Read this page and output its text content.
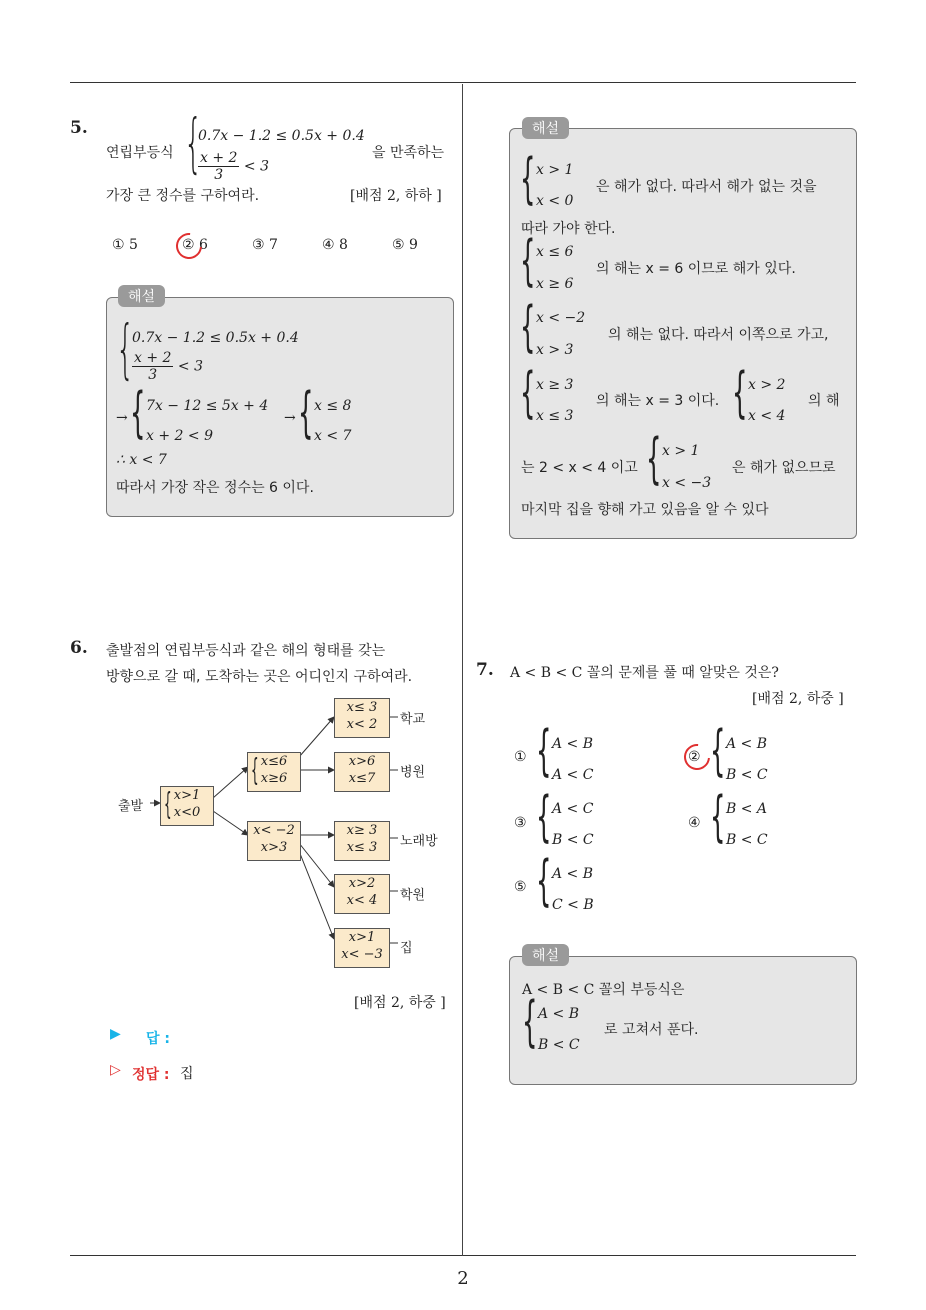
5.
연립부등식 {
0.7x − 1.2 ≤ 0.5x + 0.4
$\frac{x + 2}{3} < 3$
을 만족하는
가장 큰 정수를 구하여라.	[배점 2, 하하 ]
① 5	② 6	③ 7	④ 8	⑤ 9
해설
{
0.7x − 1.2 ≤ 0.5x + 0.4
$\frac{x + 2}{3} < 3$
→ { 7x − 12 ≤ 5x + 4
x + 2 < 9
→ { x ≤ 8
x < 7
∴ x < 7
따라서 가장 작은 정수는 6 이다.
해설
{ x > 1
x < 0
은 해가 없다. 따라서 해가 없는 것을
따라 가야 한다.
{ x ≤ 6
x ≥ 6
의 해는 x = 6 이므로 해가 있다.
{ x < −2
x > 3
의 해는 없다. 따라서 이쪽으로 가고,
{ x ≥ 3
x ≤ 3
의 해는 x = 3 이다. { x > 2
x < 4
의 해
는 2 < x < 4 이고 { x > 1
x < −3
은 해가 없으므로
마지막 집을 향해 가고 있음을 알 수 있다
6. 출발점의 연립부등식과 같은 해의 형태를 갖는
방향으로 갈 때, 도착하는 곳은 어디인지 구하여라.
출발 { x>1
x<0
{ x≤6
x≥6
x< −2
x>3
x≤ 3
x< 2	학교
x>6
x≤7	병원
x≥ 3
x≤ 3	노래방
x>2
x< 4	학원
x>1
x< −3	집
[배점 2, 하중 ]
▶ 답 :
▷ 정답 : 집
7. A < B < C 꼴의 문제를 풀 때 알맞은 것은?
[배점 2, 하중 ]
① { A < B
A < C
② { A < B
B < C
③ { A < C
B < C
④ { B < A
B < C
⑤ { A < B
C < B
해설
A < B < C 꼴의 부등식은
{ A < B
B < C
로 고쳐서 푼다.
2
